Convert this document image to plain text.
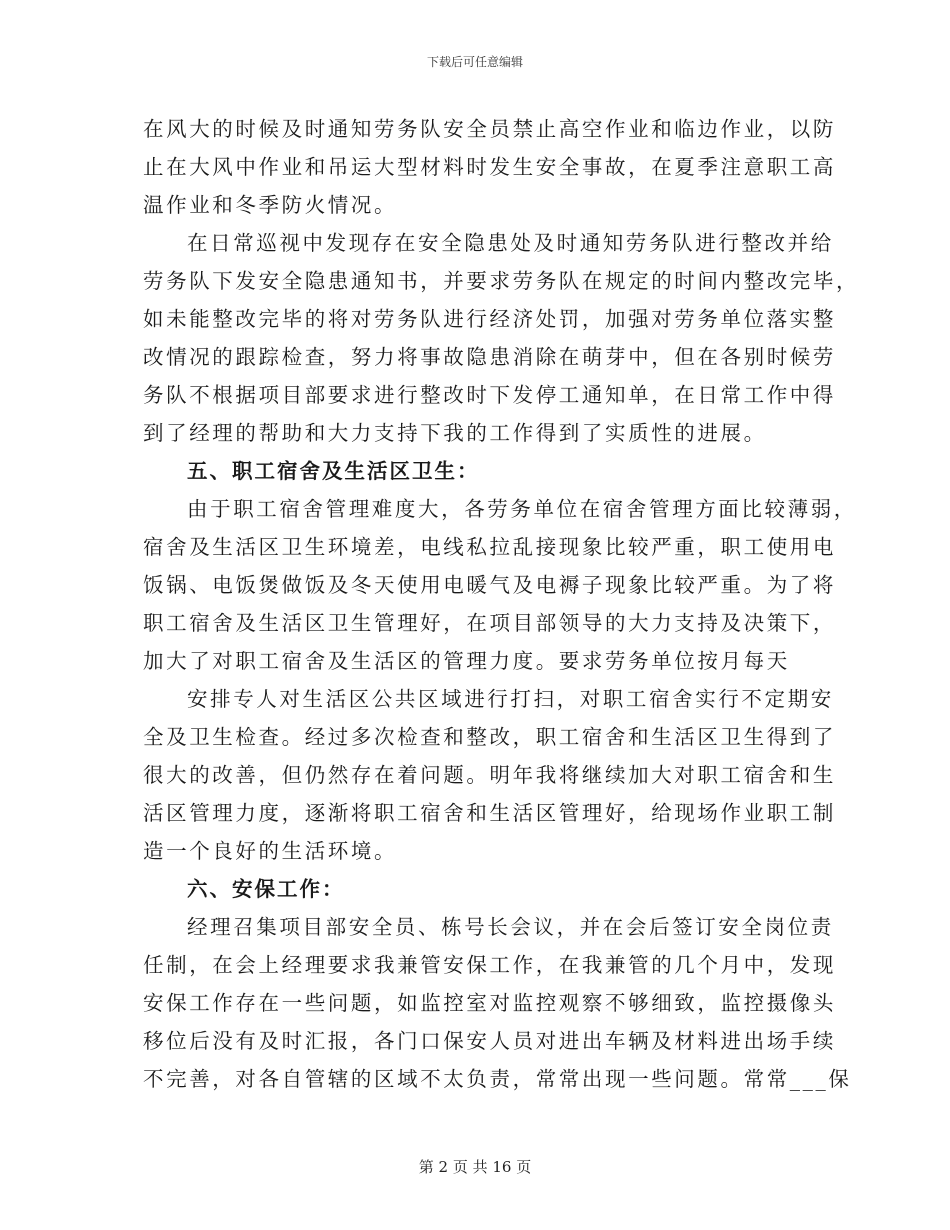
下载后可任意编辑
在风大的时候及时通知劳务队安全员禁止高空作业和临边作业，以防
止在大风中作业和吊运大型材料时发生安全事故，在夏季注意职工高
温作业和冬季防火情况。
在日常巡视中发现存在安全隐患处及时通知劳务队进行整改并给
劳务队下发安全隐患通知书，并要求劳务队在规定的时间内整改完毕，
如未能整改完毕的将对劳务队进行经济处罚，加强对劳务单位落实整
改情况的跟踪检查，努力将事故隐患消除在萌芽中，但在各别时候劳
务队不根据项目部要求进行整改时下发停工通知单，在日常工作中得
到了经理的帮助和大力支持下我的工作得到了实质性的进展。
五、职工宿舍及生活区卫生：
由于职工宿舍管理难度大，各劳务单位在宿舍管理方面比较薄弱，
宿舍及生活区卫生环境差，电线私拉乱接现象比较严重，职工使用电
饭锅、电饭煲做饭及冬天使用电暖气及电褥子现象比较严重。为了将
职工宿舍及生活区卫生管理好，在项目部领导的大力支持及决策下，
加大了对职工宿舍及生活区的管理力度。要求劳务单位按月每天
安排专人对生活区公共区域进行打扫，对职工宿舍实行不定期安
全及卫生检查。经过多次检查和整改，职工宿舍和生活区卫生得到了
很大的改善，但仍然存在着问题。明年我将继续加大对职工宿舍和生
活区管理力度，逐渐将职工宿舍和生活区管理好，给现场作业职工制
造一个良好的生活环境。
六、安保工作：
经理召集项目部安全员、栋号长会议，并在会后签订安全岗位责
任制，在会上经理要求我兼管安保工作，在我兼管的几个月中，发现
安保工作存在一些问题，如监控室对监控观察不够细致，监控摄像头
移位后没有及时汇报，各门口保安人员对进出车辆及材料进出场手续
不完善，对各自管辖的区域不太负责，常常出现一些问题。常常___保
第 2 页 共 16 页
